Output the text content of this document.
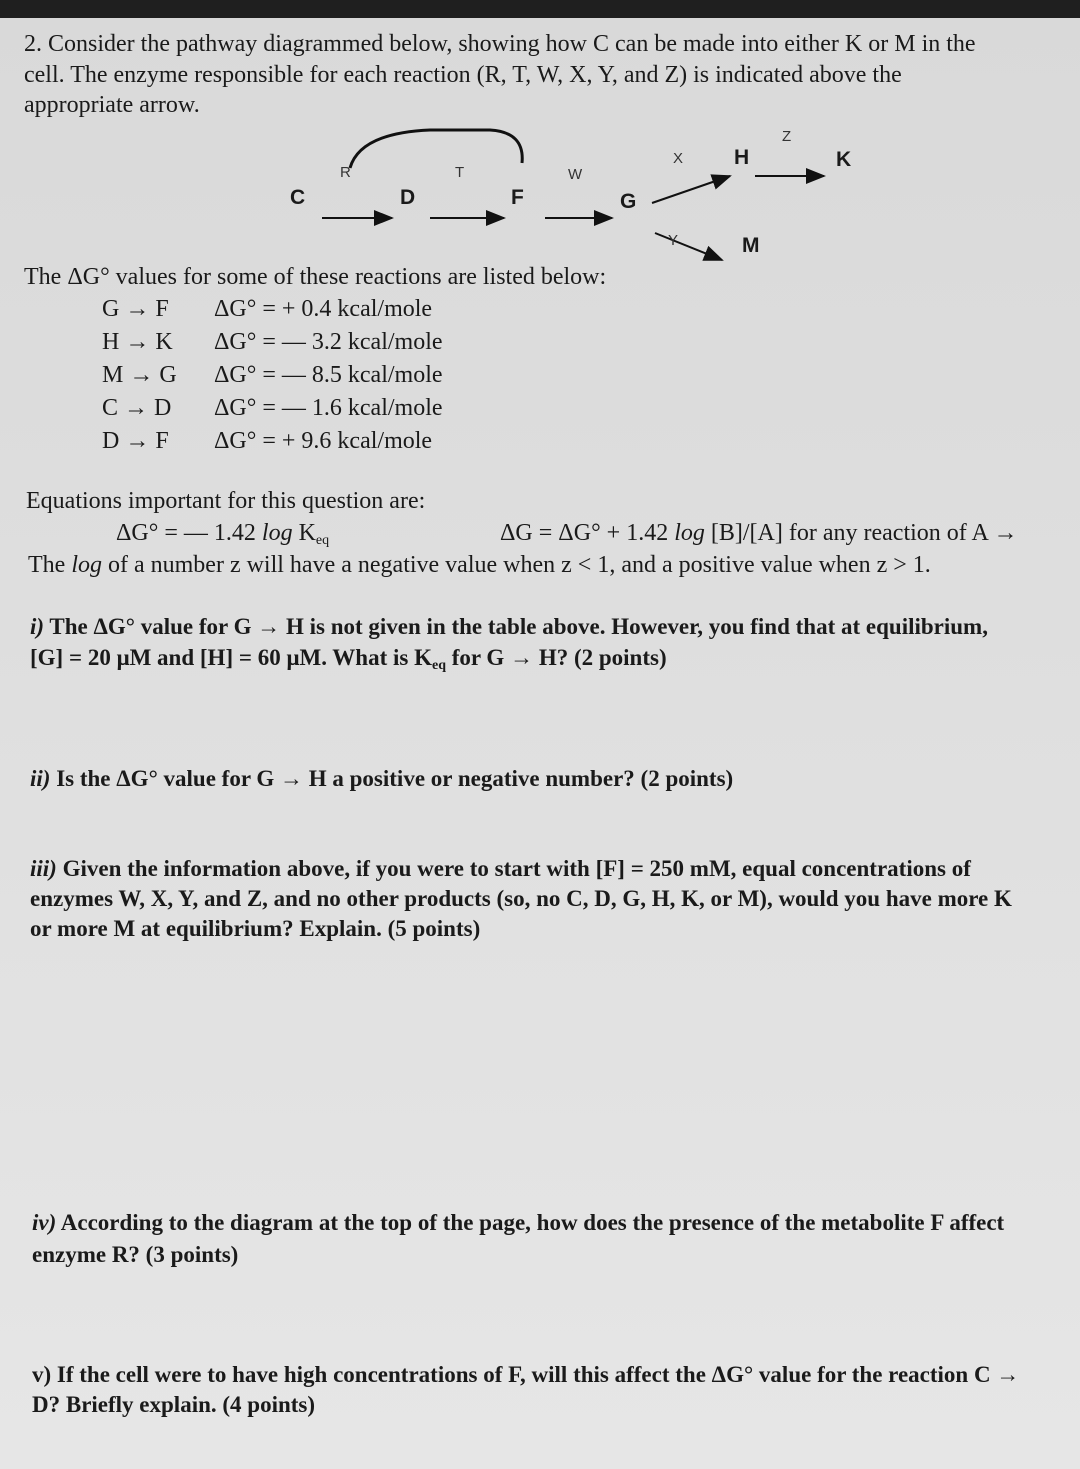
2. Consider the pathway diagrammed below, showing how C can be made into either K or M in the
cell. The enzyme responsible for each reaction (R, T, W, X, Y, and Z) is indicated above the
appropriate arrow.
C	D	F	G
H	K
M
R	T	W
X
Z
Y
The ΔG° values for some of these reactions are listed below:
G → F ΔG° = + 0.4 kcal/mole
H → K ΔG° = — 3.2 kcal/mole
M → G ΔG° = — 8.5 kcal/mole
C → D ΔG° = — 1.6 kcal/mole
D → F ΔG° = + 9.6 kcal/mole
Equations important for this question are:
ΔG° = — 1.42 $\log K_{eq}$	ΔG = ΔG° + 1.42 log [B]/[A] for any reaction of A →
The log of a number z will have a negative value when z < 1, and a positive value when z > 1.
i) The ΔG° value for G → H is not given in the table above. However, you find that at equilibrium,
[G] = 20 μM and [H] = 60 μM. What is $K_{eq}$ for G → H? (2 points)
ii) Is the ΔG° value for G → H a positive or negative number? (2 points)
iii) Given the information above, if you were to start with [F] = 250 mM, equal concentrations of
enzymes W, X, Y, and Z, and no other products (so, no C, D, G, H, K, or M), would you have more K
or more M at equilibrium? Explain. (5 points)
iv) According to the diagram at the top of the page, how does the presence of the metabolite F affect
enzyme R? (3 points)
v) If the cell were to have high concentrations of F, will this affect the ΔG° value for the reaction C →
D? Briefly explain. (4 points)
